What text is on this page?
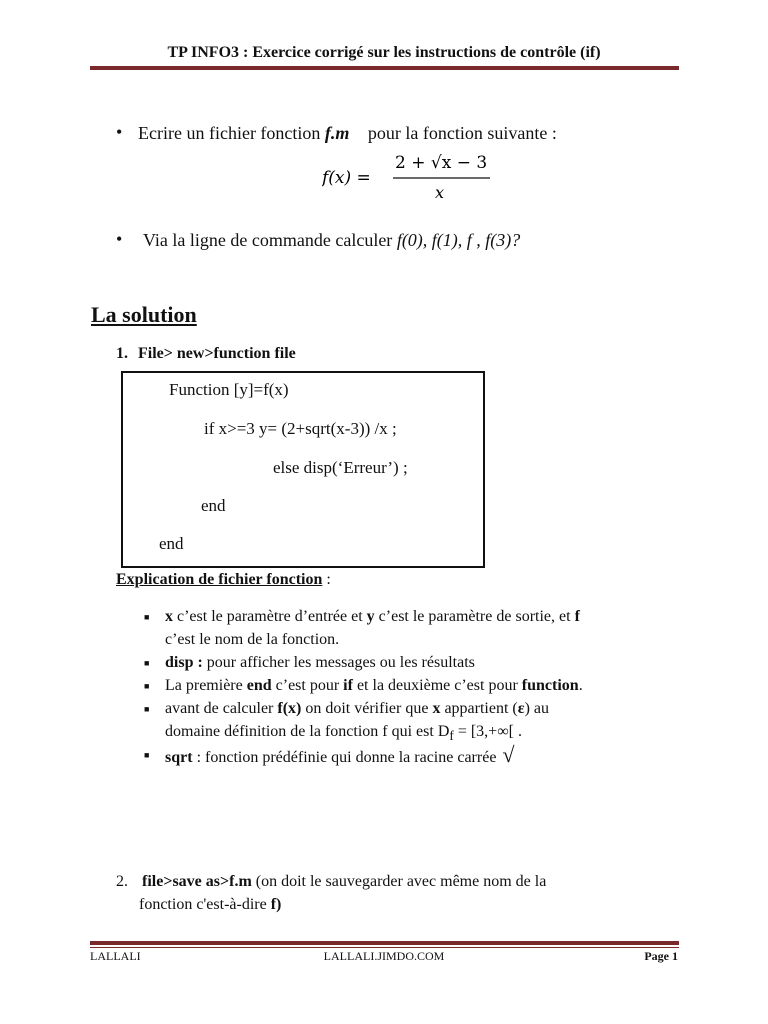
TP INFO3 : Exercice corrigé sur les instructions de contrôle (if)
• Ecrire un fichier fonction f.m pour la fonction suivante :
f(x) =
2 + √x − 3
x
• Via la ligne de commande calculer f(0), f(1), f , f(3)?
La solution
1. File> new>function file
Function [y]=f(x)
if x>=3 y= (2+sqrt(x-3)) /x ;
else disp(‘Erreur’) ;
end
end
Explication de fichier fonction :
■ x c’est le paramètre d’entrée et y c’est le paramètre de sortie, et f
c’est le nom de la fonction.
■ disp : pour afficher les messages ou les résultats
■ La première end c’est pour if et la deuxième c’est pour function.
■ avant de calculer f(x) on doit vérifier que x appartient (ε) au
domaine définition de la fonction f qui est $D_f = [3,+\infty$[ .
■ sqrt : fonction prédéfinie qui donne la racine carrée √
2. file>save as>f.m (on doit le sauvegarder avec même nom de la
fonction c'est-à-dire f)
LALLALI	LALLALI.JIMDO.COM	Page 1
